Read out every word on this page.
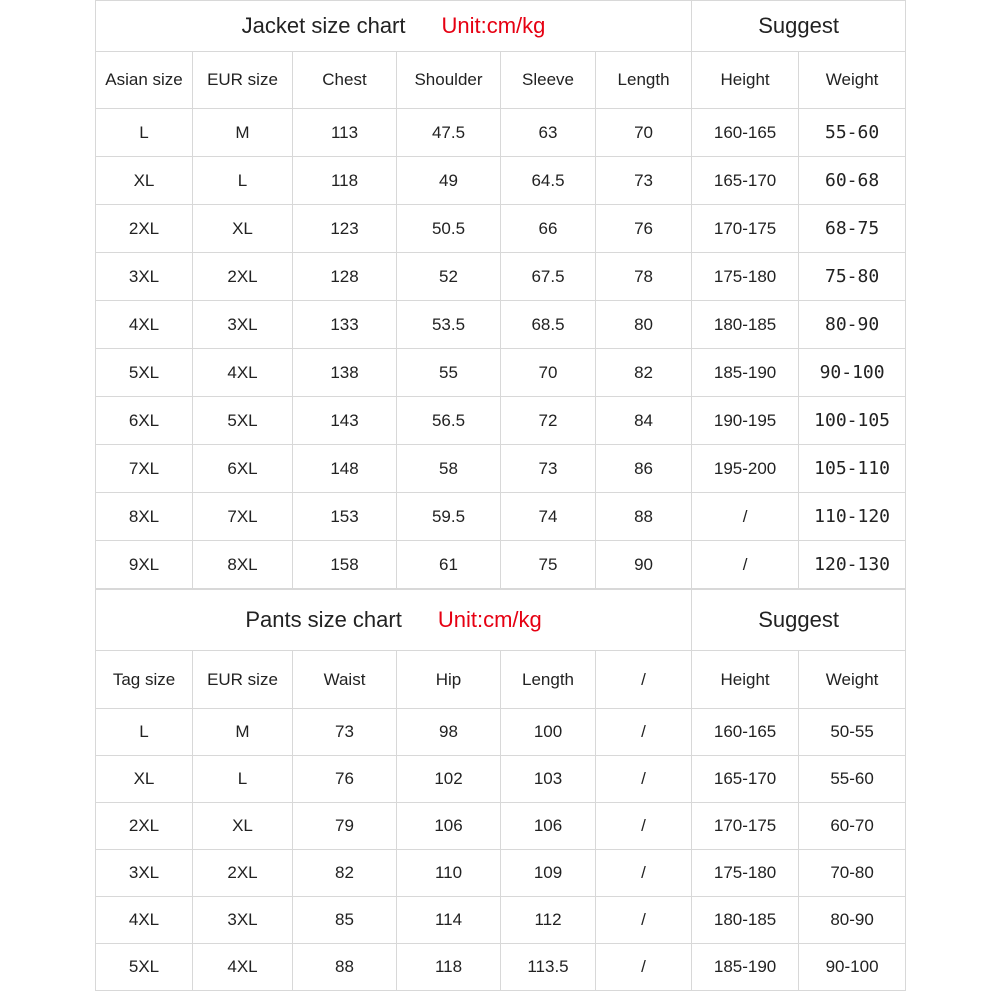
Jacket size chart Unit:cm/kg						Suggest	
Asian size	EUR size	Chest	Shoulder	Sleeve	Length	Height	Weight
L	M	113	47.5	63	70	160-165	55-60
XL	L	118	49	64.5	73	165-170	60-68
2XL	XL	123	50.5	66	76	170-175	68-75
3XL	2XL	128	52	67.5	78	175-180	75-80
4XL	3XL	133	53.5	68.5	80	180-185	80-90
5XL	4XL	138	55	70	82	185-190	90-100
6XL	5XL	143	56.5	72	84	190-195	100-105
7XL	6XL	148	58	73	86	195-200	105-110
8XL	7XL	153	59.5	74	88	/	110-120
9XL	8XL	158	61	75	90	/	120-130
Pants size chart Unit:cm/kg						Suggest	
Tag size	EUR size	Waist	Hip	Length	/	Height	Weight
L	M	73	98	100	/	160-165	50-55
XL	L	76	102	103	/	165-170	55-60
2XL	XL	79	106	106	/	170-175	60-70
3XL	2XL	82	110	109	/	175-180	70-80
4XL	3XL	85	114	112	/	180-185	80-90
5XL	4XL	88	118	113.5	/	185-190	90-100
